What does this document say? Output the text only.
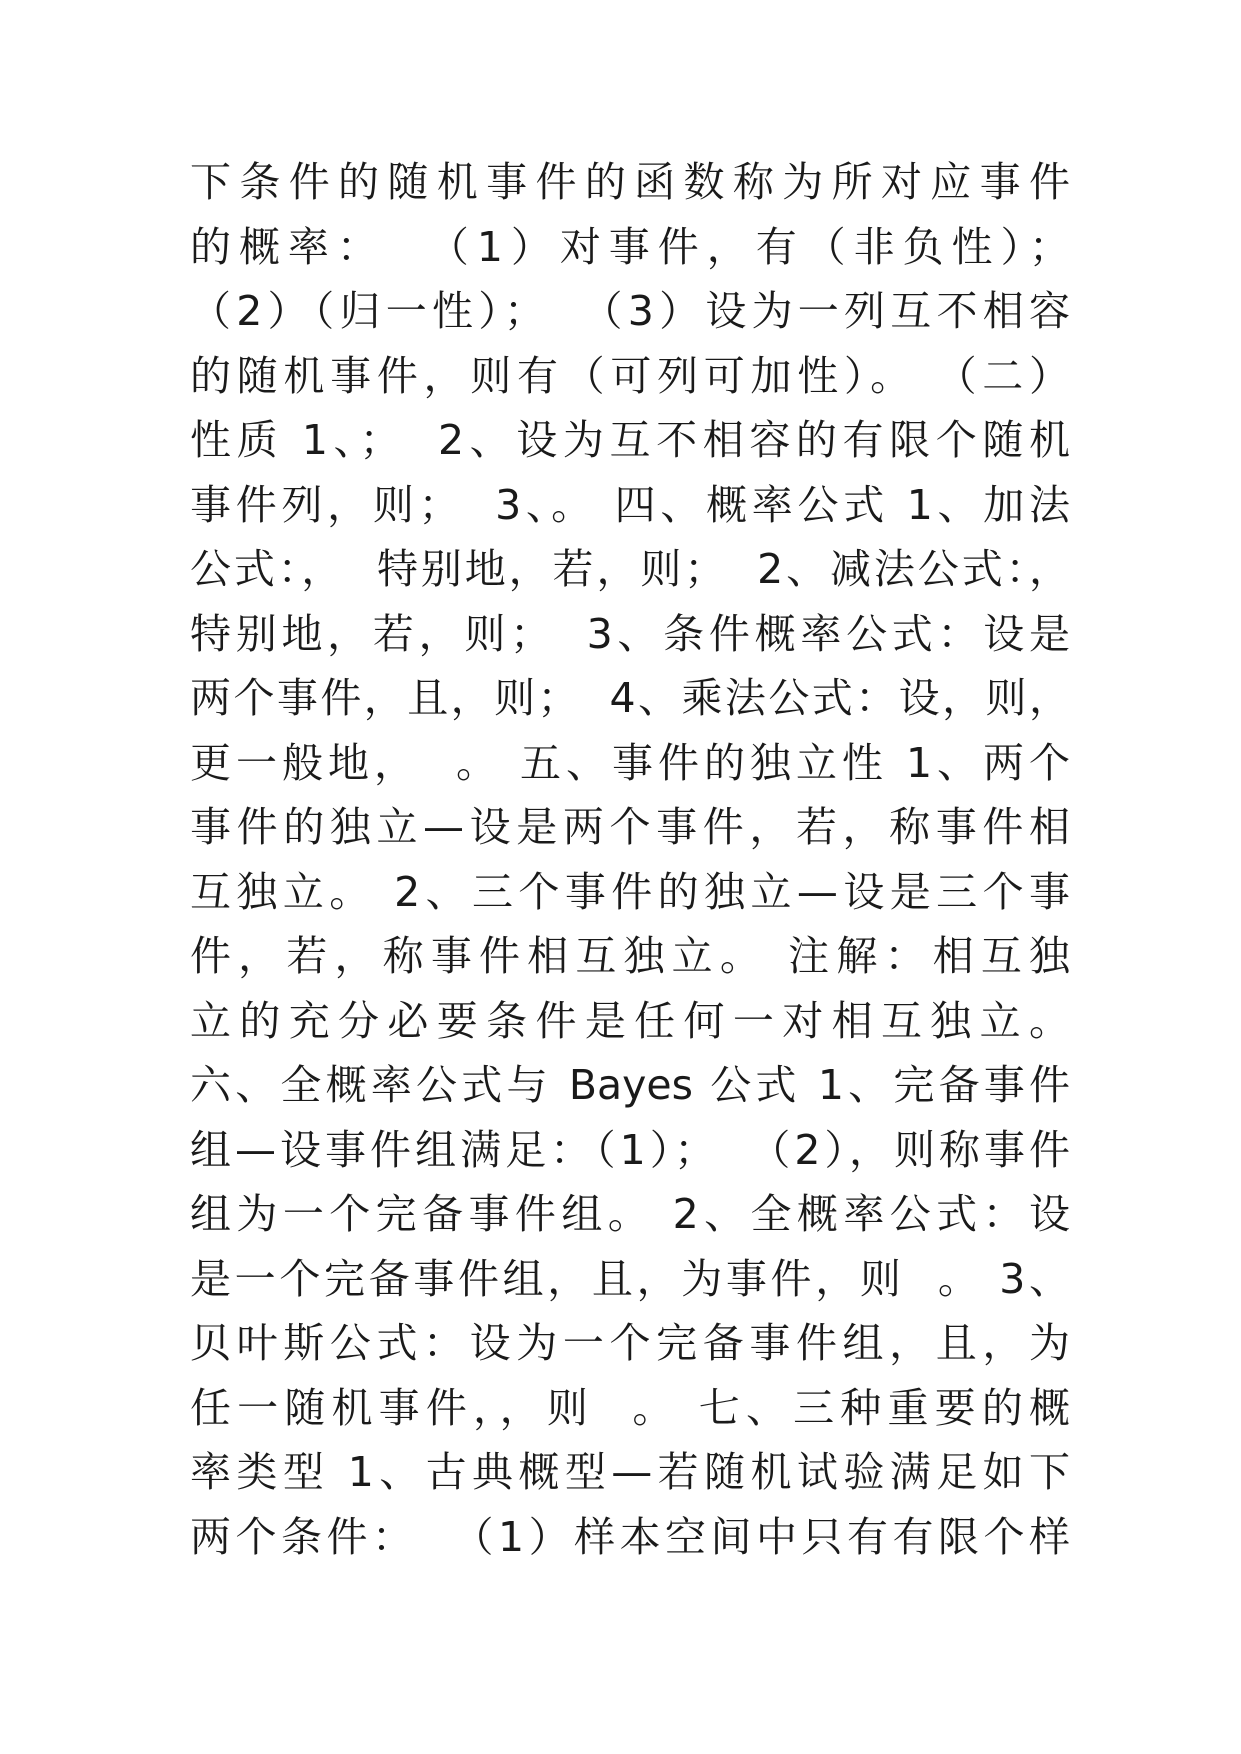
下条件的随机事件的函数称为所对应事件
的概率：  （1）对事件，有（非负性）；
（2）（归一性）；  （3）设为一列互不相容
的随机事件，则有（可列可加性）。 （二）
性质 1、；  2、设为互不相容的有限个随机
事件列，则；  3、。 四、概率公式 1、加法
公式：，  特别地，若，则；  2、减法公式：，
特别地，若，则；  3、条件概率公式：设是
两个事件，且，则；  4、乘法公式：设，则，
更一般地，  。 五、事件的独立性 1、两个
事件的独立—设是两个事件，若，称事件相
互独立。 2、三个事件的独立—设是三个事
件，若，称事件相互独立。 注解：相互独
立的充分必要条件是任何一对相互独立。
六、全概率公式与 Bayes 公式 1、完备事件
组—设事件组满足：（1）；  （2），则称事件
组为一个完备事件组。 2、全概率公式：设
是一个完备事件组，且，为事件，则  。 3、
贝叶斯公式：设为一个完备事件组，且，为
任一随机事件，，则  。 七、三种重要的概
率类型 1、古典概型—若随机试验满足如下
两个条件：  （1）样本空间中只有有限个样
